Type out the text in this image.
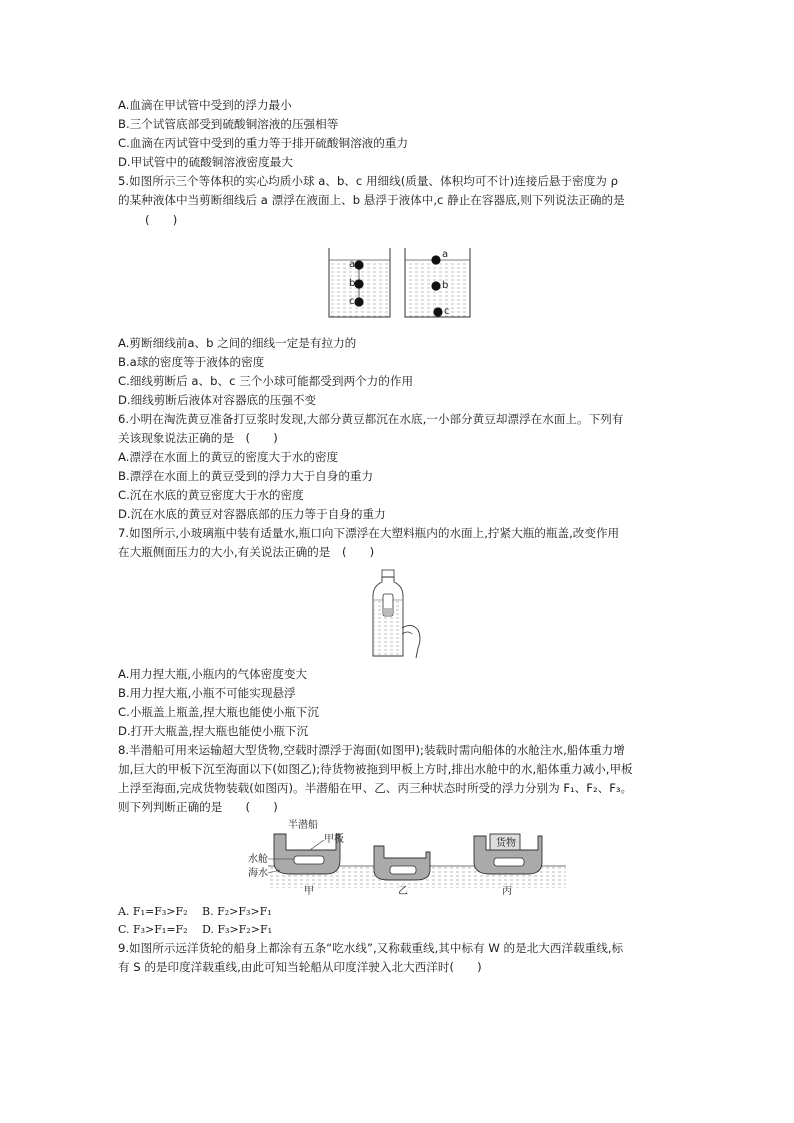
A.血滴在甲试管中受到的浮力最小
B.三个试管底部受到硫酸铜溶液的压强相等
C.血滴在丙试管中受到的重力等于排开硫酸铜溶液的重力
D.甲试管中的硫酸铜溶液密度最大
5.如图所示三个等体积的实心均质小球 a、b、c 用细线(质量、体积均可不计)连接后悬于密度为 ρ
的某种液体中当剪断细线后 a 漂浮在液面上、b 悬浮于液体中,c 静止在容器底,则下列说法正确的是
(　　)
a
b
c
a
b
c
A.剪断细线前a、b 之间的细线一定是有拉力的
B.a球的密度等于液体的密度
C.细线剪断后 a、b、c 三个小球可能都受到两个力的作用
D.细线剪断后液体对容器底的压强不变
6.小明在淘洗黄豆准备打豆浆时发现,大部分黄豆都沉在水底,一小部分黄豆却漂浮在水面上。下列有
关该现象说法正确的是　(　　)
A.漂浮在水面上的黄豆的密度大于水的密度
B.漂浮在水面上的黄豆受到的浮力大于自身的重力
C.沉在水底的黄豆密度大于水的密度
D.沉在水底的黄豆对容器底部的压力等于自身的重力
7.如图所示,小玻璃瓶中装有适量水,瓶口向下漂浮在大塑料瓶内的水面上,拧紧大瓶的瓶盖,改变作用
在大瓶侧面压力的大小,有关说法正确的是　(　　)
A.用力捏大瓶,小瓶内的气体密度变大
B.用力捏大瓶,小瓶不可能实现悬浮
C.小瓶盖上瓶盖,捏大瓶也能使小瓶下沉
D.打开大瓶盖,捏大瓶也能使小瓶下沉
8.半潜船可用来运输超大型货物,空载时漂浮于海面(如图甲);装载时需向船体的水舱注水,船体重力增
加,巨大的甲板下沉至海面以下(如图乙);待货物被拖到甲板上方时,排出水舱中的水,船体重力减小,甲板
上浮至海面,完成货物装载(如图丙)。半潜船在甲、乙、丙三种状态时所受的浮力分别为 F₁、F₂、F₃。
则下列判断正确的是　　(　　)
货物
半潜船
甲板
水舱
海水
甲	乙	丙
A. F₁=F₃>F₂ B. F₂>F₃>F₁
C. F₃>F₁=F₂ D. F₃>F₂>F₁
9.如图所示远洋货轮的船身上都涂有五条“吃水线”,又称载重线,其中标有 W 的是北大西洋载重线,标
有 S 的是印度洋载重线,由此可知当轮船从印度洋驶入北大西洋时(　　)
